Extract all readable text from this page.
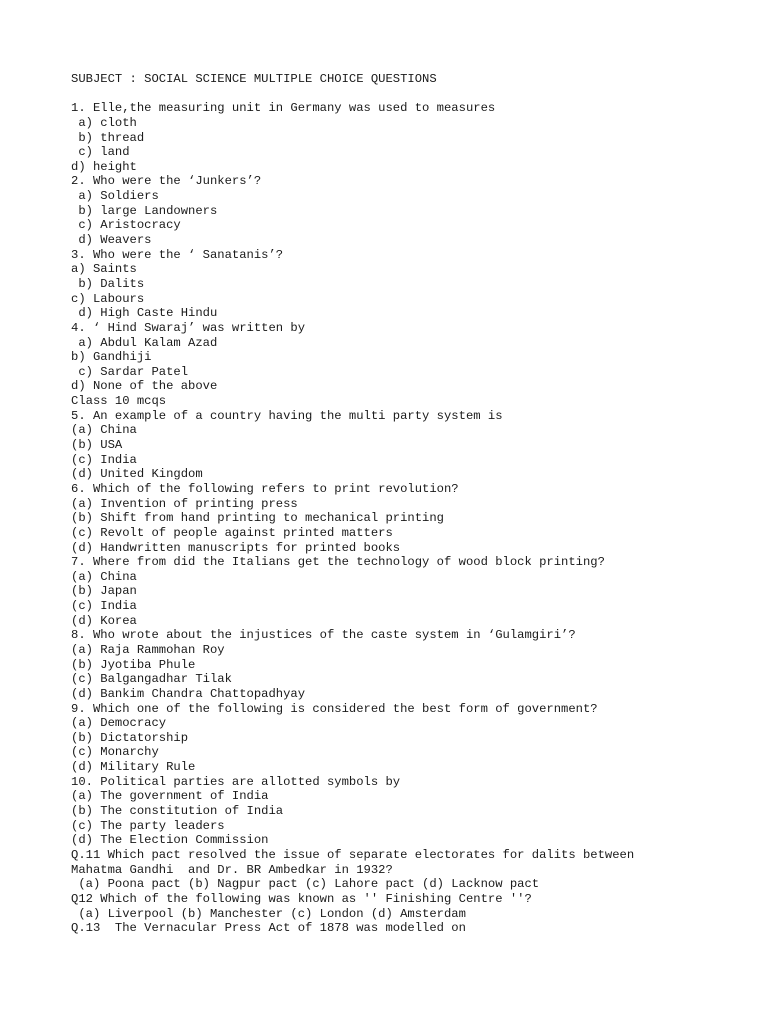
SUBJECT : SOCIAL SCIENCE MULTIPLE CHOICE QUESTIONS
1. Elle,the measuring unit in Germany was used to measures
a) cloth
b) thread
c) land
d) height
2. Who were the ‘Junkers’?
a) Soldiers
b) large Landowners
c) Aristocracy
d) Weavers
3. Who were the ‘ Sanatanis’?
a) Saints
b) Dalits
c) Labours
d) High Caste Hindu
4. ‘ Hind Swaraj’ was written by
a) Abdul Kalam Azad
b) Gandhiji
c) Sardar Patel
d) None of the above
Class 10 mcqs
5. An example of a country having the multi party system is
(a) China
(b) USA
(c) India
(d) United Kingdom
6. Which of the following refers to print revolution?
(a) Invention of printing press
(b) Shift from hand printing to mechanical printing
(c) Revolt of people against printed matters
(d) Handwritten manuscripts for printed books
7. Where from did the Italians get the technology of wood block printing?
(a) China
(b) Japan
(c) India
(d) Korea
8. Who wrote about the injustices of the caste system in ‘Gulamgiri’?
(a) Raja Rammohan Roy
(b) Jyotiba Phule
(c) Balgangadhar Tilak
(d) Bankim Chandra Chattopadhyay
9. Which one of the following is considered the best form of government?
(a) Democracy
(b) Dictatorship
(c) Monarchy
(d) Military Rule
10. Political parties are allotted symbols by
(a) The government of India
(b) The constitution of India
(c) The party leaders
(d) The Election Commission
Q.11 Which pact resolved the issue of separate electorates for dalits between
Mahatma Gandhi  and Dr. BR Ambedkar in 1932?
(a) Poona pact (b) Nagpur pact (c) Lahore pact (d) Lacknow pact
Q12 Which of the following was known as '' Finishing Centre ''?
(a) Liverpool (b) Manchester (c) London (d) Amsterdam
Q.13  The Vernacular Press Act of 1878 was modelled on
